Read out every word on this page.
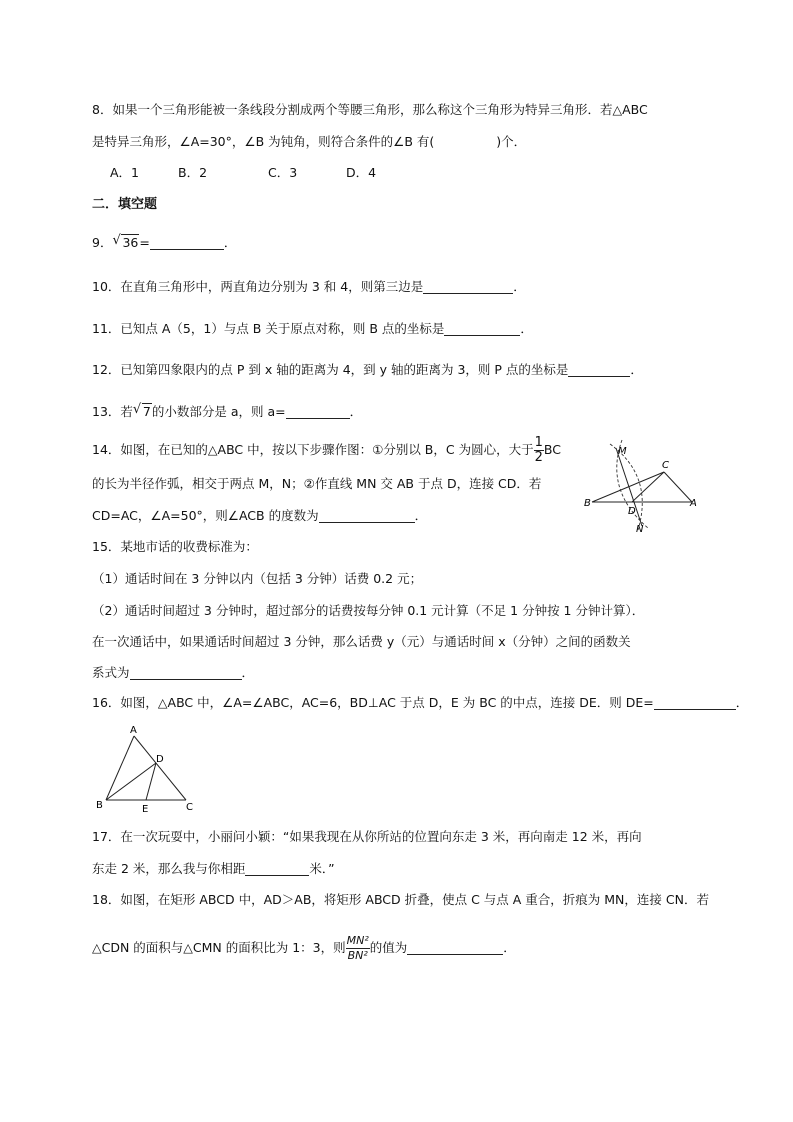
8．如果一个三角形能被一条线段分割成两个等腰三角形，那么称这个三角形为特异三角形．若△ABC
是特异三角形，∠A=30°，∠B 为钝角，则符合条件的∠B 有(	)个．
A．1	B．2	C．3	D．4
二．填空题
9． √ 36=	．
10．在直角三角形中，两直角边分别为 3 和 4，则第三边是	．
11．已知点 A（5，1）与点 B 关于原点对称，则 B 点的坐标是	．
12．已知第四象限内的点 P 到 x 轴的距离为 4，到 y 轴的距离为 3，则 P 点的坐标是	．
13．若 √ 7的小数部分是 a，则 a=	．
14．如图，在已知的△ABC 中，按以下步骤作图：①分别以 B，C 为圆心，大于 $\frac{1}{2}$ BC
的长为半径作弧，相交于两点 M，N；②作直线 MN 交 AB 于点 D，连接 CD．若
CD=AC，∠A=50°，则∠ACB 的度数为	．
M
C
B
D
A
N
15．某地市话的收费标准为：
（1）通话时间在 3 分钟以内（包括 3 分钟）话费 0.2 元；
（2）通话时间超过 3 分钟时，超过部分的话费按每分钟 0.1 元计算（不足 1 分钟按 1 分钟计算）．
在一次通话中，如果通话时间超过 3 分钟，那么话费 y（元）与通话时间 x（分钟）之间的函数关
系式为	．
16．如图，△ABC 中，∠A=∠ABC，AC=6，BD⊥AC 于点 D，E 为 BC 的中点，连接 DE．则 DE=	．
A
D
B	E	C
17．在一次玩耍中，小丽问小颖：“如果我现在从你所站的位置向东走 3 米，再向南走 12 米，再向
东走 2 米，那么我与你相距	米．”
18．如图，在矩形 ABCD 中，AD＞AB，将矩形 ABCD 折叠，使点 C 与点 A 重合，折痕为 MN，连接 CN．若
△CDN 的面积与△CMN 的面积比为 1：3，则 $\frac{\text{MN²}}{\text{BN²}}$ 的值为	．
